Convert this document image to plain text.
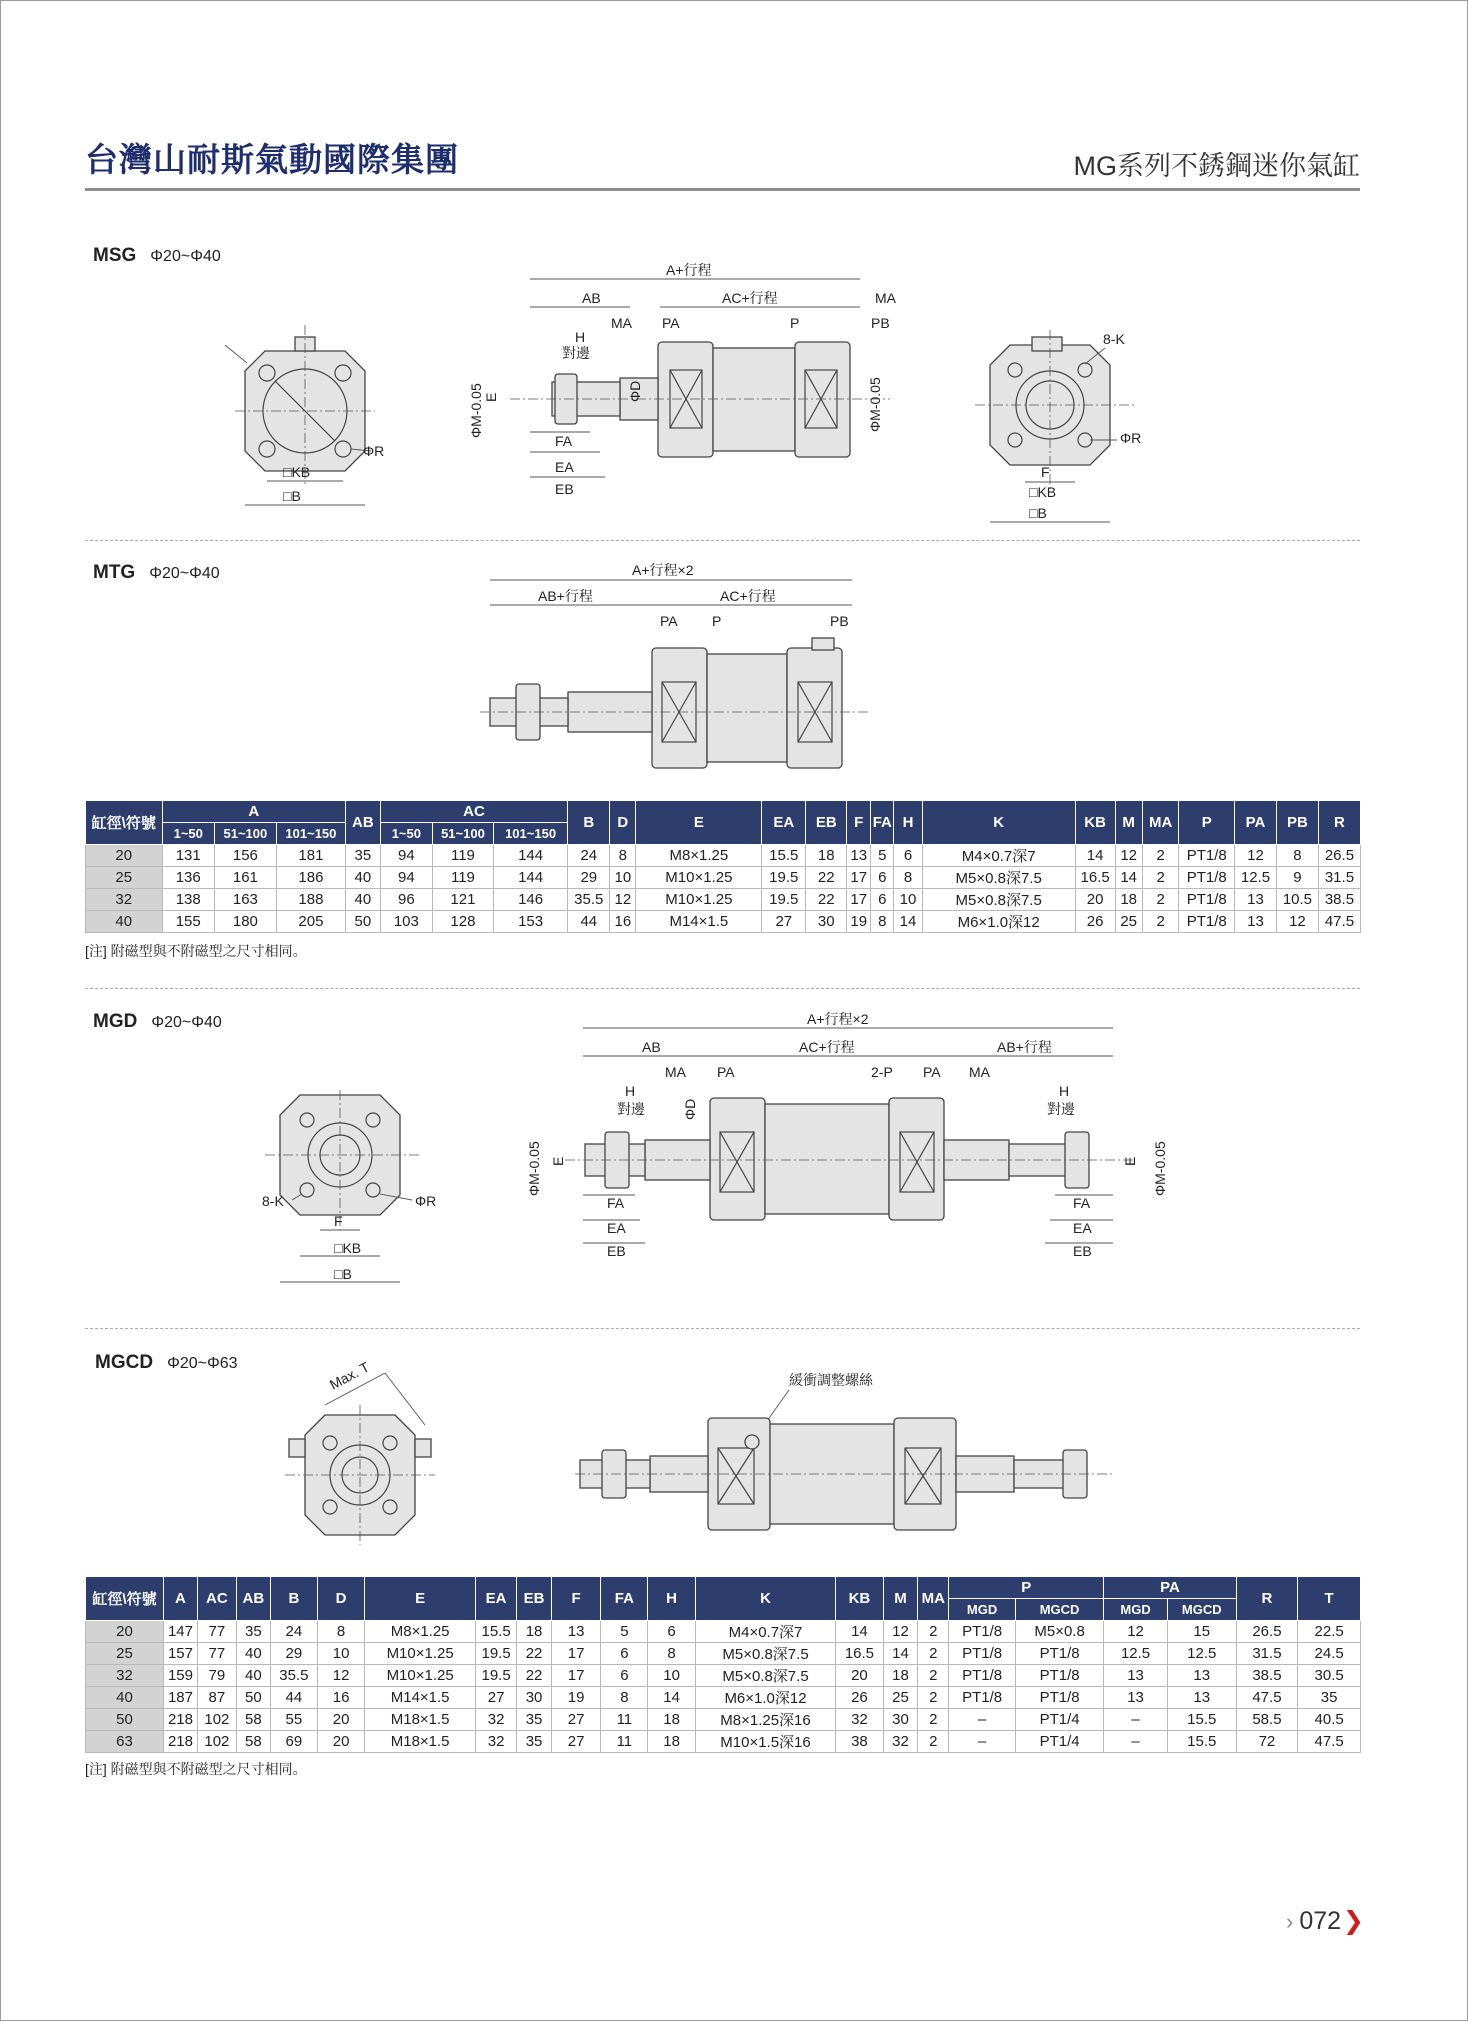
台灣山耐斯氣動國際集團	MG系列不銹鋼迷你氣缸
MSG Φ20~Φ40
□KB
□B
ΦR
A+行程
AB	AC+行程	MA
MA PA	P	PB
H
對邊
FA
EA
EB
ΦM-0.05 E	ΦD	ΦM-0.05
8-K
ΦR
F
□KB
□B
MTG Φ20~Φ40	A+行程×2
AB+行程	AC+行程
PA P	PB
缸徑\符號	A			AB	AC			B	D	E	EA	EB	F	FA	H	K	KB	M	MA	P	PA	PB	R
	1~50	51~100	101~150		1~50	51~100	101~150																
20	131	156	181	35	94	119	144	24	8	M8×1.25	15.5	18	13	5	6	M4×0.7深7	14	12	2	PT1/8	12	8	26.5
25	136	161	186	40	94	119	144	29	10	M10×1.25	19.5	22	17	6	8	M5×0.8深7.5	16.5	14	2	PT1/8	12.5	9	31.5
32	138	163	188	40	96	121	146	35.5	12	M10×1.25	19.5	22	17	6	10	M5×0.8深7.5	20	18	2	PT1/8	13	10.5	38.5
40	155	180	205	50	103	128	153	44	16	M14×1.5	27	30	19	8	14	M6×1.0深12	26	25	2	PT1/8	13	12	47.5
[注] 附磁型與不附磁型之尺寸相同。
MGD Φ20~Φ40
8-K	ΦR
F
□KB
□B
A+行程×2
AB	AC+行程	AB+行程
MA PA	2-P PA MA
H
對邊
H
對邊
FA
EA
EB
FA
EA
EB
ΦM-0.05 E
ΦD
E ΦM-0.05
MGCD Φ20~Φ63	Max. T	緩衝調整螺絲
缸徑\符號	A	AC	AB	B	D	E	EA	EB	F	FA	H	K	KB	M	MA	P		PA		R	T
																MGD	MGCD	MGD	MGCD		
20	147	77	35	24	8	M8×1.25	15.5	18	13	5	6	M4×0.7深7	14	12	2	PT1/8	M5×0.8	12	15	26.5	22.5
25	157	77	40	29	10	M10×1.25	19.5	22	17	6	8	M5×0.8深7.5	16.5	14	2	PT1/8	PT1/8	12.5	12.5	31.5	24.5
32	159	79	40	35.5	12	M10×1.25	19.5	22	17	6	10	M5×0.8深7.5	20	18	2	PT1/8	PT1/8	13	13	38.5	30.5
40	187	87	50	44	16	M14×1.5	27	30	19	8	14	M6×1.0深12	26	25	2	PT1/8	PT1/8	13	13	47.5	35
50	218	102	58	55	20	M18×1.5	32	35	27	11	18	M8×1.25深16	32	30	2	–	PT1/4	–	15.5	58.5	40.5
63	218	102	58	69	20	M18×1.5	32	35	27	11	18	M10×1.5深16	38	32	2	–	PT1/4	–	15.5	72	47.5
[注] 附磁型與不附磁型之尺寸相同。
› 072❯
